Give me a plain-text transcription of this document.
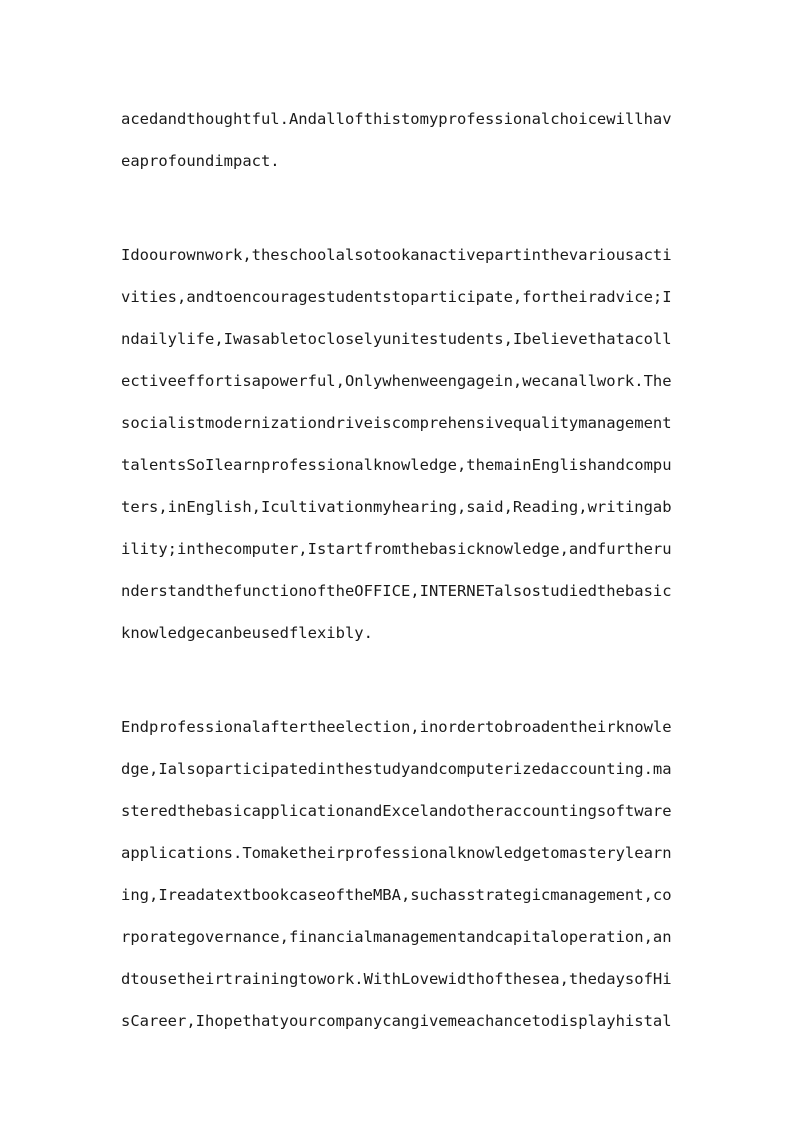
acedandthoughtful.Andallofthistomyprofessionalchoicewillhav

eaprofoundimpact.

Idoourownwork,theschoolalsotookanactivepartinthevariousacti

vities,andtoencouragestudentstoparticipate,fortheiradvice;I

ndailylife,Iwasabletocloselyunitestudents,Ibelievethatacoll

ectiveeffortisapowerful,Onlywhenweengagein,wecanallwork.The

socialistmodernizationdriveiscomprehensivequalitymanagement

talentsSoIlearnprofessionalknowledge,themainEnglishandcompu

ters,inEnglish,Icultivationmyhearing,said,Reading,writingab

ility;inthecomputer,Istartfromthebasicknowledge,andfurtheru

nderstandthefunctionoftheOFFICE,INTERNETalsostudiedthebasic

knowledgecanbeusedflexibly.

Endprofessionalaftertheelection,inordertobroadentheirknowle

dge,Ialsoparticipatedinthestudyandcomputerizedaccounting.ma

steredthebasicapplicationandExcelandotheraccountingsoftware

applications.Tomaketheirprofessionalknowledgetomasterylearn

ing,IreadatextbookcaseoftheMBA,suchasstrategicmanagement,co

rporategovernance,financialmanagementandcapitaloperation,an

dtousetheirtrainingtowork.WithLovewidthofthesea,thedaysofHi

sCareer,Ihopethatyourcompanycangivemeachancetodisplayhistal
